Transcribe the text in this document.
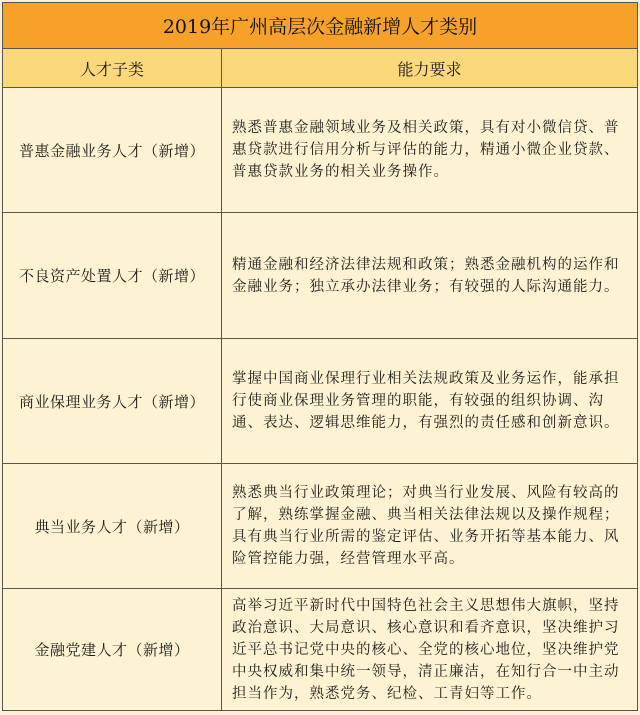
2019年广州高层次金融新增人才类别
人才子类	能力要求
普惠金融业务人才（新增）
熟悉普惠金融领域业务及相关政策，具有对小微信贷、普惠贷款进行信用分析与评估的能力，精通小微企业贷款、普惠贷款业务的相关业务操作。
不良资产处置人才（新增）
精通金融和经济法律法规和政策；熟悉金融机构的运作和金融业务；独立承办法律业务；有较强的人际沟通能力。
商业保理业务人才（新增）
掌握中国商业保理行业相关法规政策及业务运作，能承担行使商业保理业务管理的职能，有较强的组织协调、沟通、表达、逻辑思维能力，有强烈的责任感和创新意识。
典当业务人才（新增）
熟悉典当行业政策理论；对典当行业发展、风险有较高的了解，熟练掌握金融、典当相关法律法规以及操作规程；具有典当行业所需的鉴定评估、业务开拓等基本能力、风险管控能力强，经营管理水平高。
金融党建人才（新增）
高举习近平新时代中国特色社会主义思想伟大旗帜，坚持政治意识、大局意识、核心意识和看齐意识，坚决维护习近平总书记党中央的核心、全党的核心地位，坚决维护党中央权威和集中统一领导，清正廉洁，在知行合一中主动担当作为，熟悉党务、纪检、工青妇等工作。
